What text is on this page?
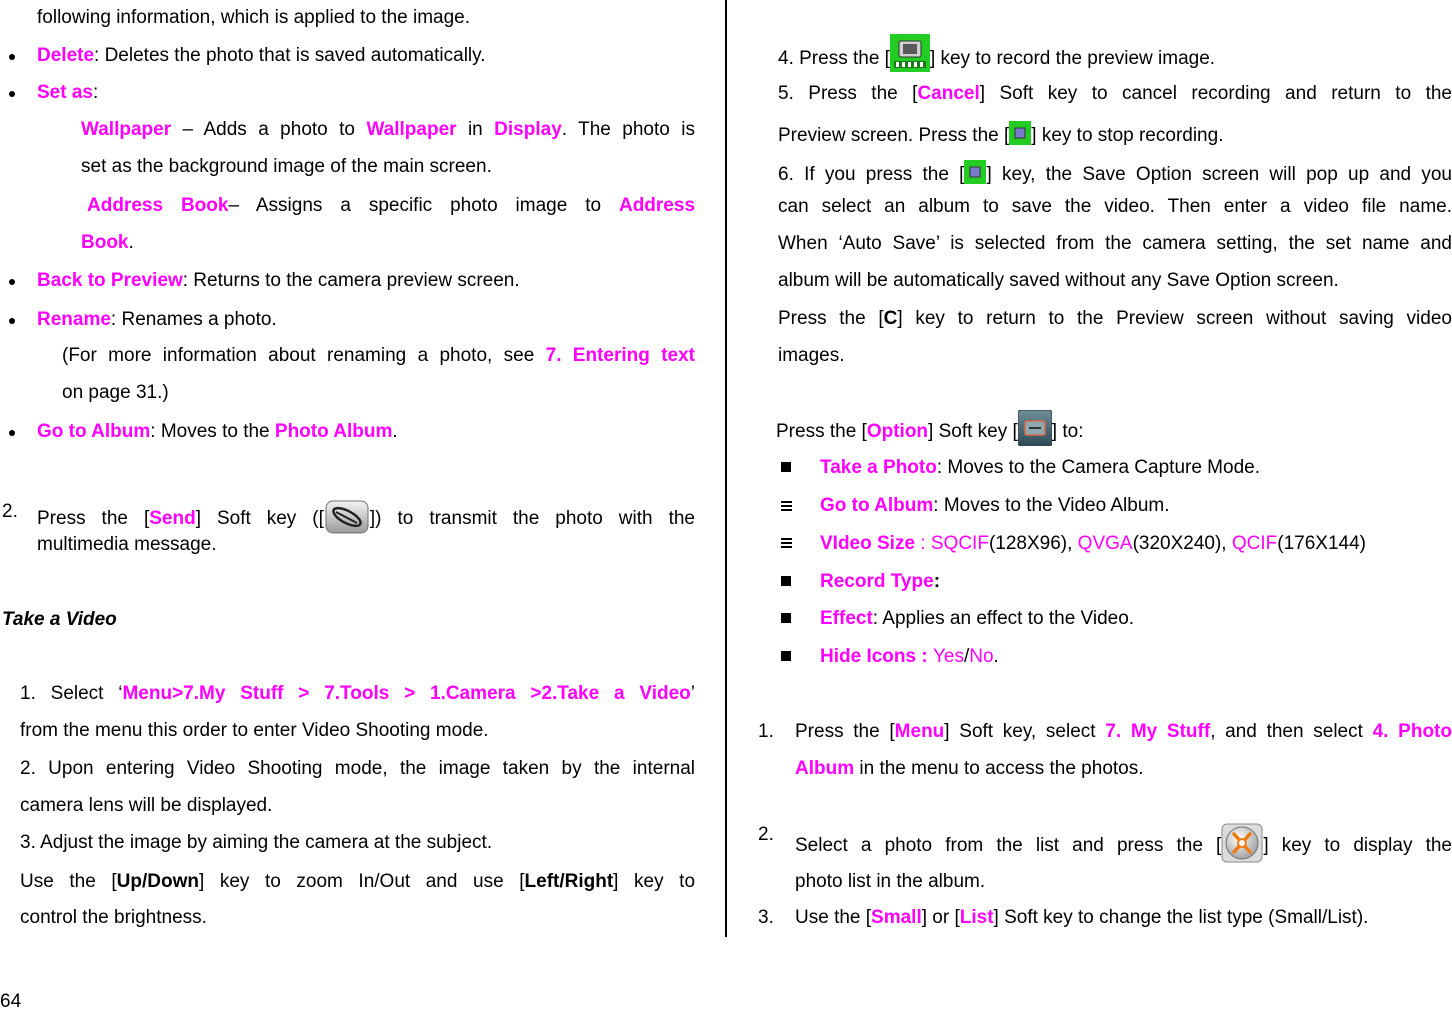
following information, which is applied to the image.
Delete: Deletes the photo that is saved automatically.
Set as:
Wallpaper – Adds a photo to Wallpaper in Display. The photo is
set as the background image of the main screen.
Address Book– Assigns a specific photo image to Address
Book.
Back to Preview: Returns to the camera preview screen.
Rename: Renames a photo.
(For more information about renaming a photo, see 7. Entering text
on page 31.)
Go to Album: Moves to the Photo Album.
2. Press the [Send] Soft key ([ ]) to transmit the photo with the
multimedia message.
Take a Video
1. Select ‘Menu>7.My Stuff > 7.Tools > 1.Camera >2.Take a Video’
from the menu this order to enter Video Shooting mode.
2. Upon entering Video Shooting mode, the image taken by the internal
camera lens will be displayed.
3. Adjust the image by aiming the camera at the subject.
Use the [Up/Down] key to zoom In/Out and use [Left/Right] key to
control the brightness.
4. Press the [ ] key to record the preview image.
5. Press the [Cancel] Soft key to cancel recording and return to the
Preview screen. Press the [ ] key to stop recording.
6. If you press the [ ] key, the Save Option screen will pop up and you
can select an album to save the video. Then enter a video file name.
When ‘Auto Save’ is selected from the camera setting, the set name and
album will be automatically saved without any Save Option screen.
Press the [C] key to return to the Preview screen without saving video
images.
Press the [Option] Soft key [ ] to:
Take a Photo: Moves to the Camera Capture Mode.
Go to Album: Moves to the Video Album.
VIdeo Size : SQCIF(128X96), QVGA(320X240), QCIF(176X144)
Record Type:
Effect: Applies an effect to the Video.
Hide Icons : Yes/No.
1. Press the [Menu] Soft key, select 7. My Stuff, and then select 4. Photo
Album in the menu to access the photos.
2.
Select a photo from the list and press the [ ] key to display the
photo list in the album.
3. Use the [Small] or [List] Soft key to change the list type (Small/List).
64
